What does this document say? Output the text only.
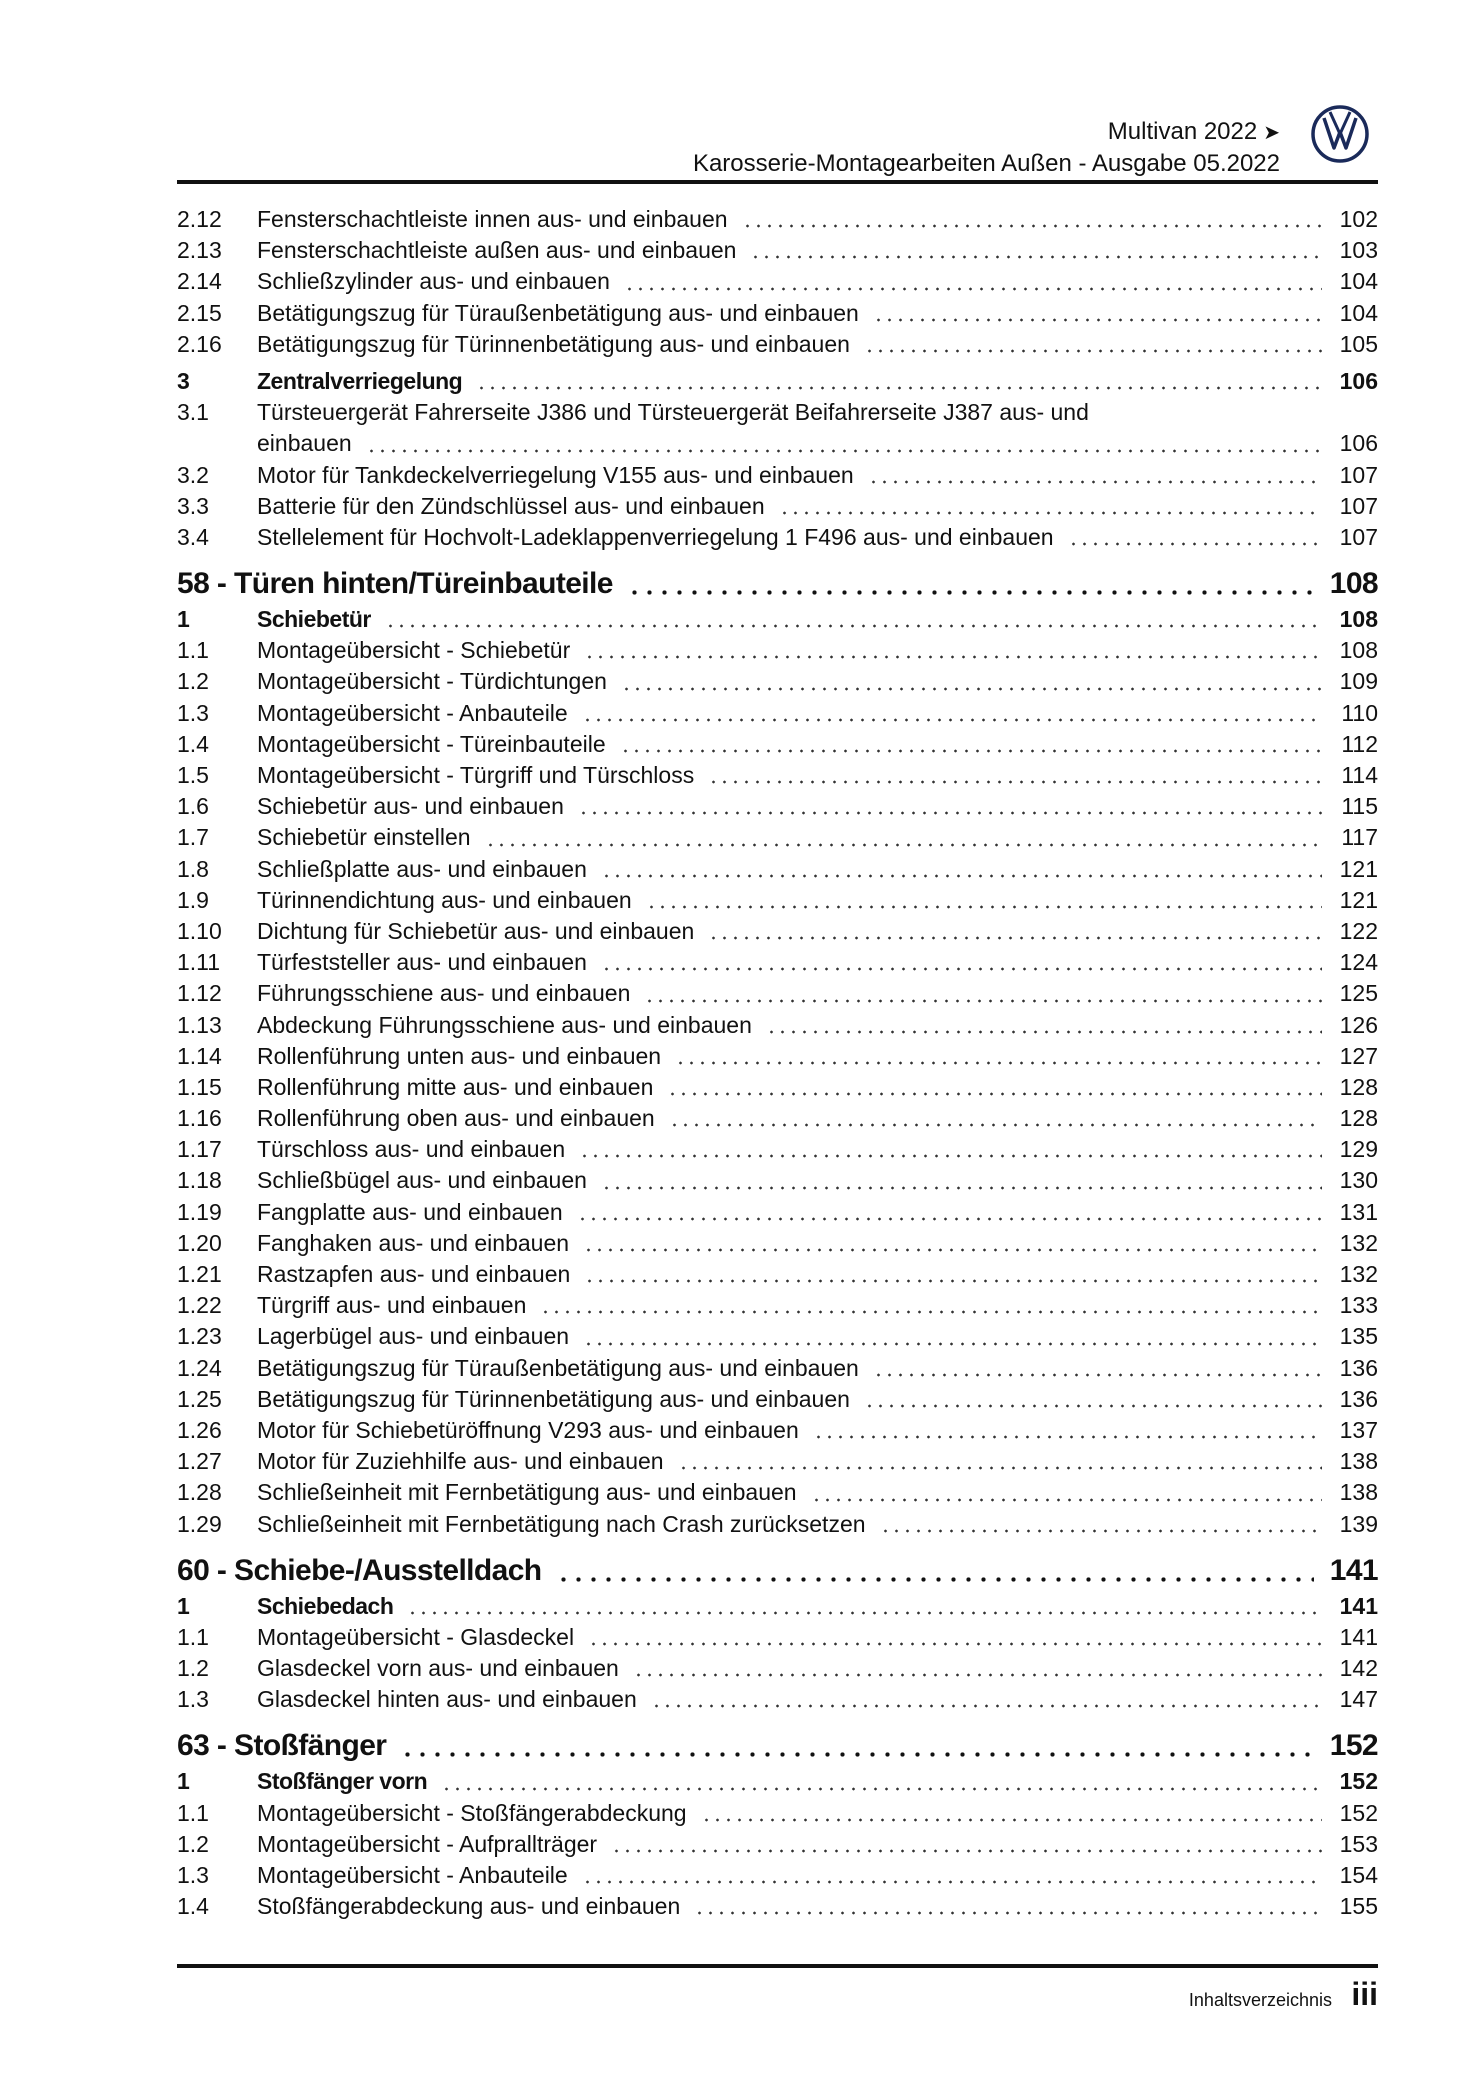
Multivan 2022 ➤
Karosserie-Montagearbeiten Außen - Ausgabe 05.2022
2.12	Fensterschachtleiste innen aus- und einbauen	102
2.13	Fensterschachtleiste außen aus- und einbauen	103
2.14	Schließzylinder aus- und einbauen	104
2.15	Betätigungszug für Türaußenbetätigung aus- und einbauen	104
2.16	Betätigungszug für Türinnenbetätigung aus- und einbauen	105
3	Zentralverriegelung	106
3.1	Türsteuergerät Fahrerseite J386 und Türsteuergerät Beifahrerseite J387 aus- und
einbauen	106
3.2	Motor für Tankdeckelverriegelung V155 aus- und einbauen	107
3.3	Batterie für den Zündschlüssel aus- und einbauen	107
3.4	Stellelement für Hochvolt-Ladeklappenverriegelung 1 F496 aus- und einbauen	107
58 - Türen hinten/Türeinbauteile	108
1	Schiebetür	108
1.1	Montageübersicht - Schiebetür	108
1.2	Montageübersicht - Türdichtungen	109
1.3	Montageübersicht - Anbauteile	110
1.4	Montageübersicht - Türeinbauteile	112
1.5	Montageübersicht - Türgriff und Türschloss	114
1.6	Schiebetür aus- und einbauen	115
1.7	Schiebetür einstellen	117
1.8	Schließplatte aus- und einbauen	121
1.9	Türinnendichtung aus- und einbauen	121
1.10	Dichtung für Schiebetür aus- und einbauen	122
1.11	Türfeststeller aus- und einbauen	124
1.12	Führungsschiene aus- und einbauen	125
1.13	Abdeckung Führungsschiene aus- und einbauen	126
1.14	Rollenführung unten aus- und einbauen	127
1.15	Rollenführung mitte aus- und einbauen	128
1.16	Rollenführung oben aus- und einbauen	128
1.17	Türschloss aus- und einbauen	129
1.18	Schließbügel aus- und einbauen	130
1.19	Fangplatte aus- und einbauen	131
1.20	Fanghaken aus- und einbauen	132
1.21	Rastzapfen aus- und einbauen	132
1.22	Türgriff aus- und einbauen	133
1.23	Lagerbügel aus- und einbauen	135
1.24	Betätigungszug für Türaußenbetätigung aus- und einbauen	136
1.25	Betätigungszug für Türinnenbetätigung aus- und einbauen	136
1.26	Motor für Schiebetüröffnung V293 aus- und einbauen	137
1.27	Motor für Zuziehhilfe aus- und einbauen	138
1.28	Schließeinheit mit Fernbetätigung aus- und einbauen	138
1.29	Schließeinheit mit Fernbetätigung nach Crash zurücksetzen	139
60 - Schiebe-/Ausstelldach	141
1	Schiebedach	141
1.1	Montageübersicht - Glasdeckel	141
1.2	Glasdeckel vorn aus- und einbauen	142
1.3	Glasdeckel hinten aus- und einbauen	147
63 - Stoßfänger	152
1	Stoßfänger vorn	152
1.1	Montageübersicht - Stoßfängerabdeckung	152
1.2	Montageübersicht - Aufprallträger	153
1.3	Montageübersicht - Anbauteile	154
1.4	Stoßfängerabdeckung aus- und einbauen	155
Inhaltsverzeichnis iii
